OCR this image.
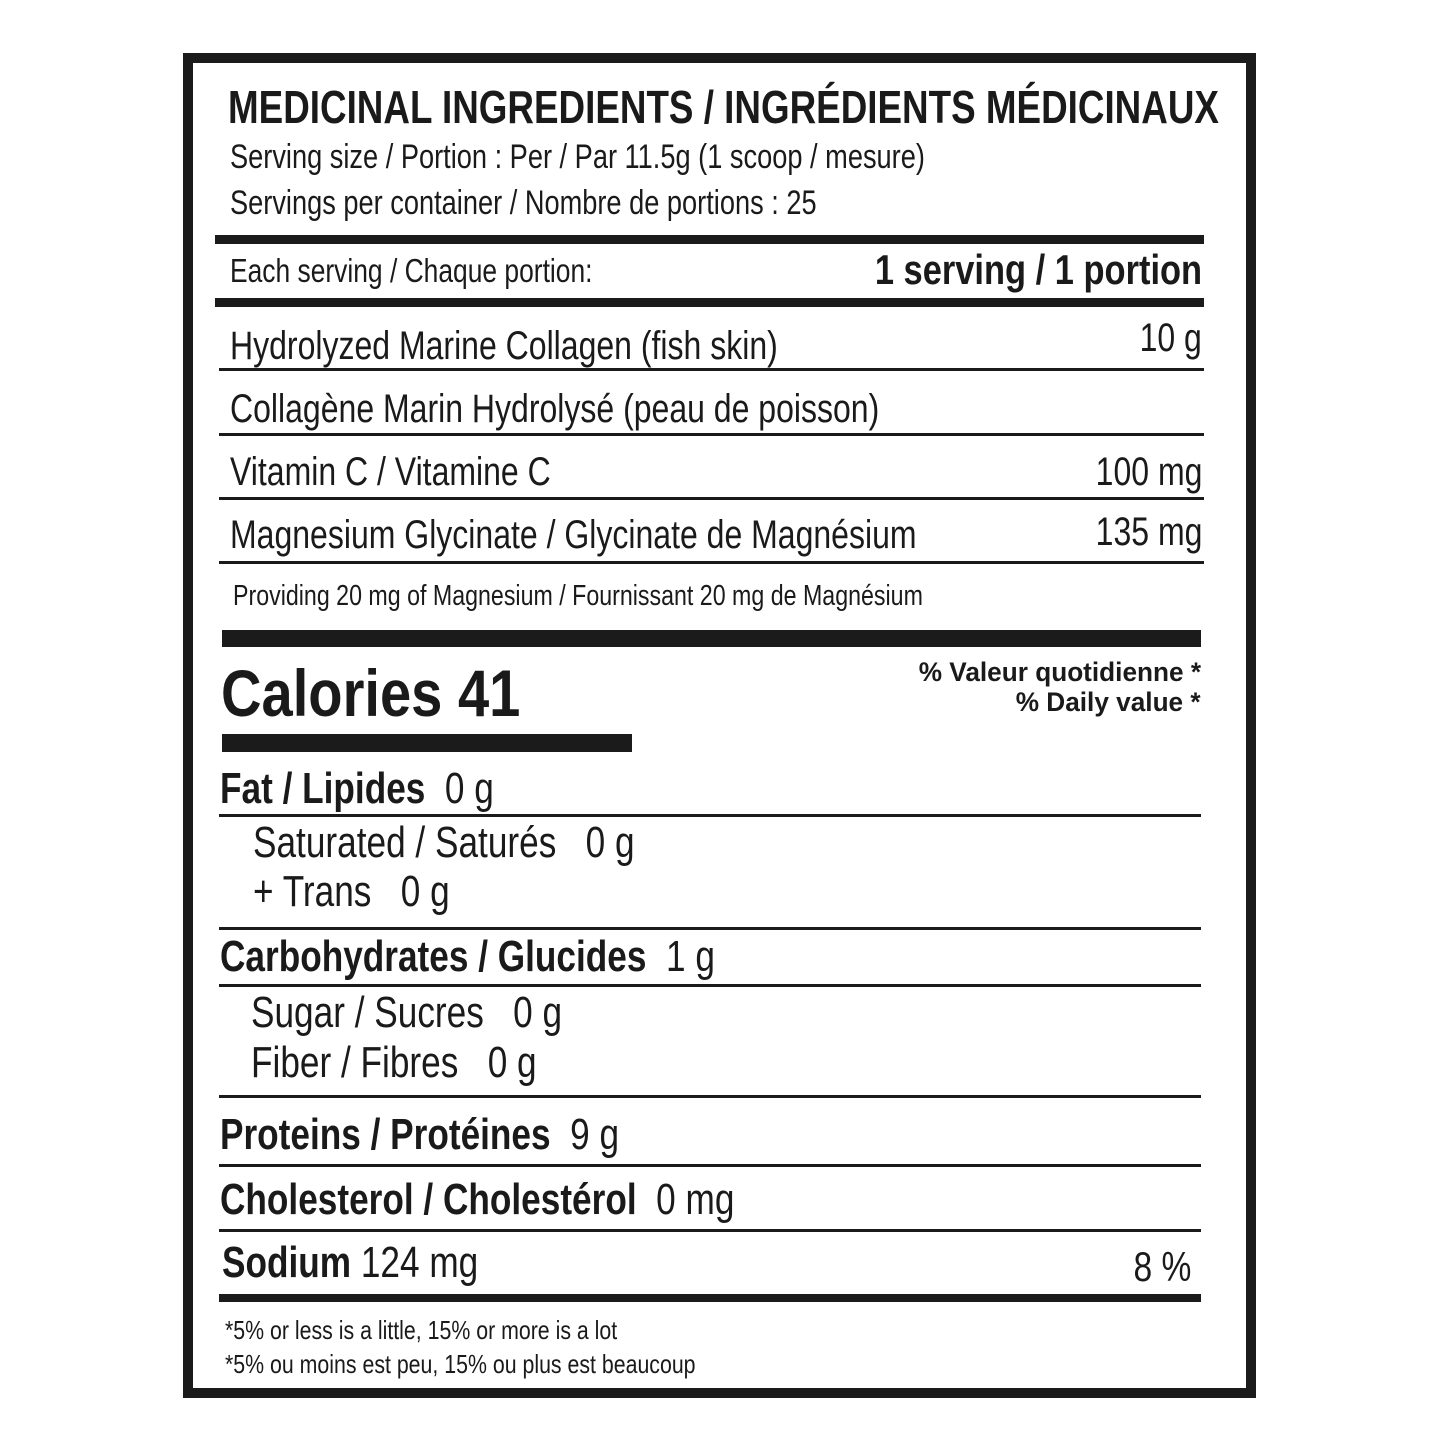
MEDICINAL INGREDIENTS / INGRÉDIENTS MÉDICINAUX
Serving size / Portion : Per / Par 11.5g (1 scoop / mesure)
Servings per container / Nombre de portions : 25
Each serving / Chaque portion:	1 serving / 1 portion
Hydrolyzed Marine Collagen (fish skin)	10 g
Collagène Marin Hydrolysé (peau de poisson)
Vitamin C / Vitamine C	100 mg
Magnesium Glycinate / Glycinate de Magnésium	135 mg
Providing 20 mg of Magnesium / Fournissant 20 mg de Magnésium
Calories 41	% Valeur quotidienne *
% Daily value *
Fat / Lipides 0 g
Saturated / Saturés 0 g
+ Trans 0 g
Carbohydrates / Glucides 1 g
Sugar / Sucres 0 g
Fiber / Fibres 0 g
Proteins / Protéines 9 g
Cholesterol / Cholestérol 0 mg
Sodium 124 mg	8 %
*5% or less is a little, 15% or more is a lot
*5% ou moins est peu, 15% ou plus est beaucoup
